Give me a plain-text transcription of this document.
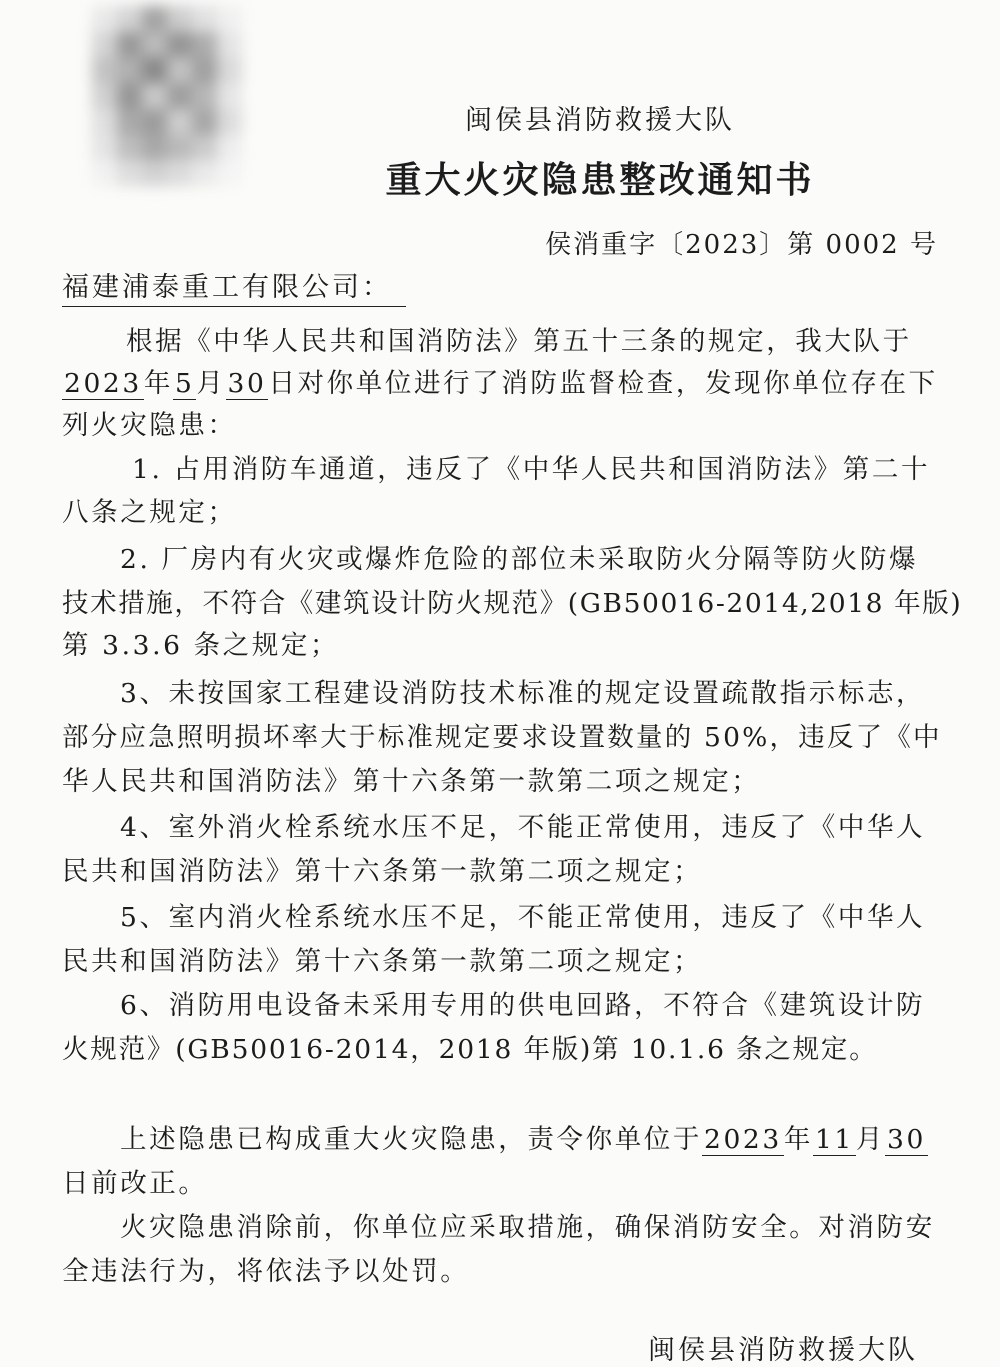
闽侯县消防救援大队
重大火灾隐患整改通知书
侯消重字〔2023〕第 0002 号
福建浦泰重工有限公司：
根据《中华人民共和国消防法》第五十三条的规定，我大队于
2023年5月30日对你单位进行了消防监督检查，发现你单位存在下
列火灾隐患：
1. 占用消防车通道，违反了《中华人民共和国消防法》第二十
八条之规定；
2. 厂房内有火灾或爆炸危险的部位未采取防火分隔等防火防爆
技术措施，不符合《建筑设计防火规范》(GB50016-2014,2018 年版)
第 3.3.6 条之规定；
3、未按国家工程建设消防技术标准的规定设置疏散指示标志，
部分应急照明损坏率大于标准规定要求设置数量的 50%，违反了《中
华人民共和国消防法》第十六条第一款第二项之规定；
4、室外消火栓系统水压不足，不能正常使用，违反了《中华人
民共和国消防法》第十六条第一款第二项之规定；
5、室内消火栓系统水压不足，不能正常使用，违反了《中华人
民共和国消防法》第十六条第一款第二项之规定；
6、消防用电设备未采用专用的供电回路，不符合《建筑设计防
火规范》(GB50016-2014，2018 年版)第 10.1.6 条之规定。
上述隐患已构成重大火灾隐患，责令你单位于2023年11月30
日前改正。
火灾隐患消除前，你单位应采取措施，确保消防安全。对消防安
全违法行为，将依法予以处罚。
闽侯县消防救援大队
